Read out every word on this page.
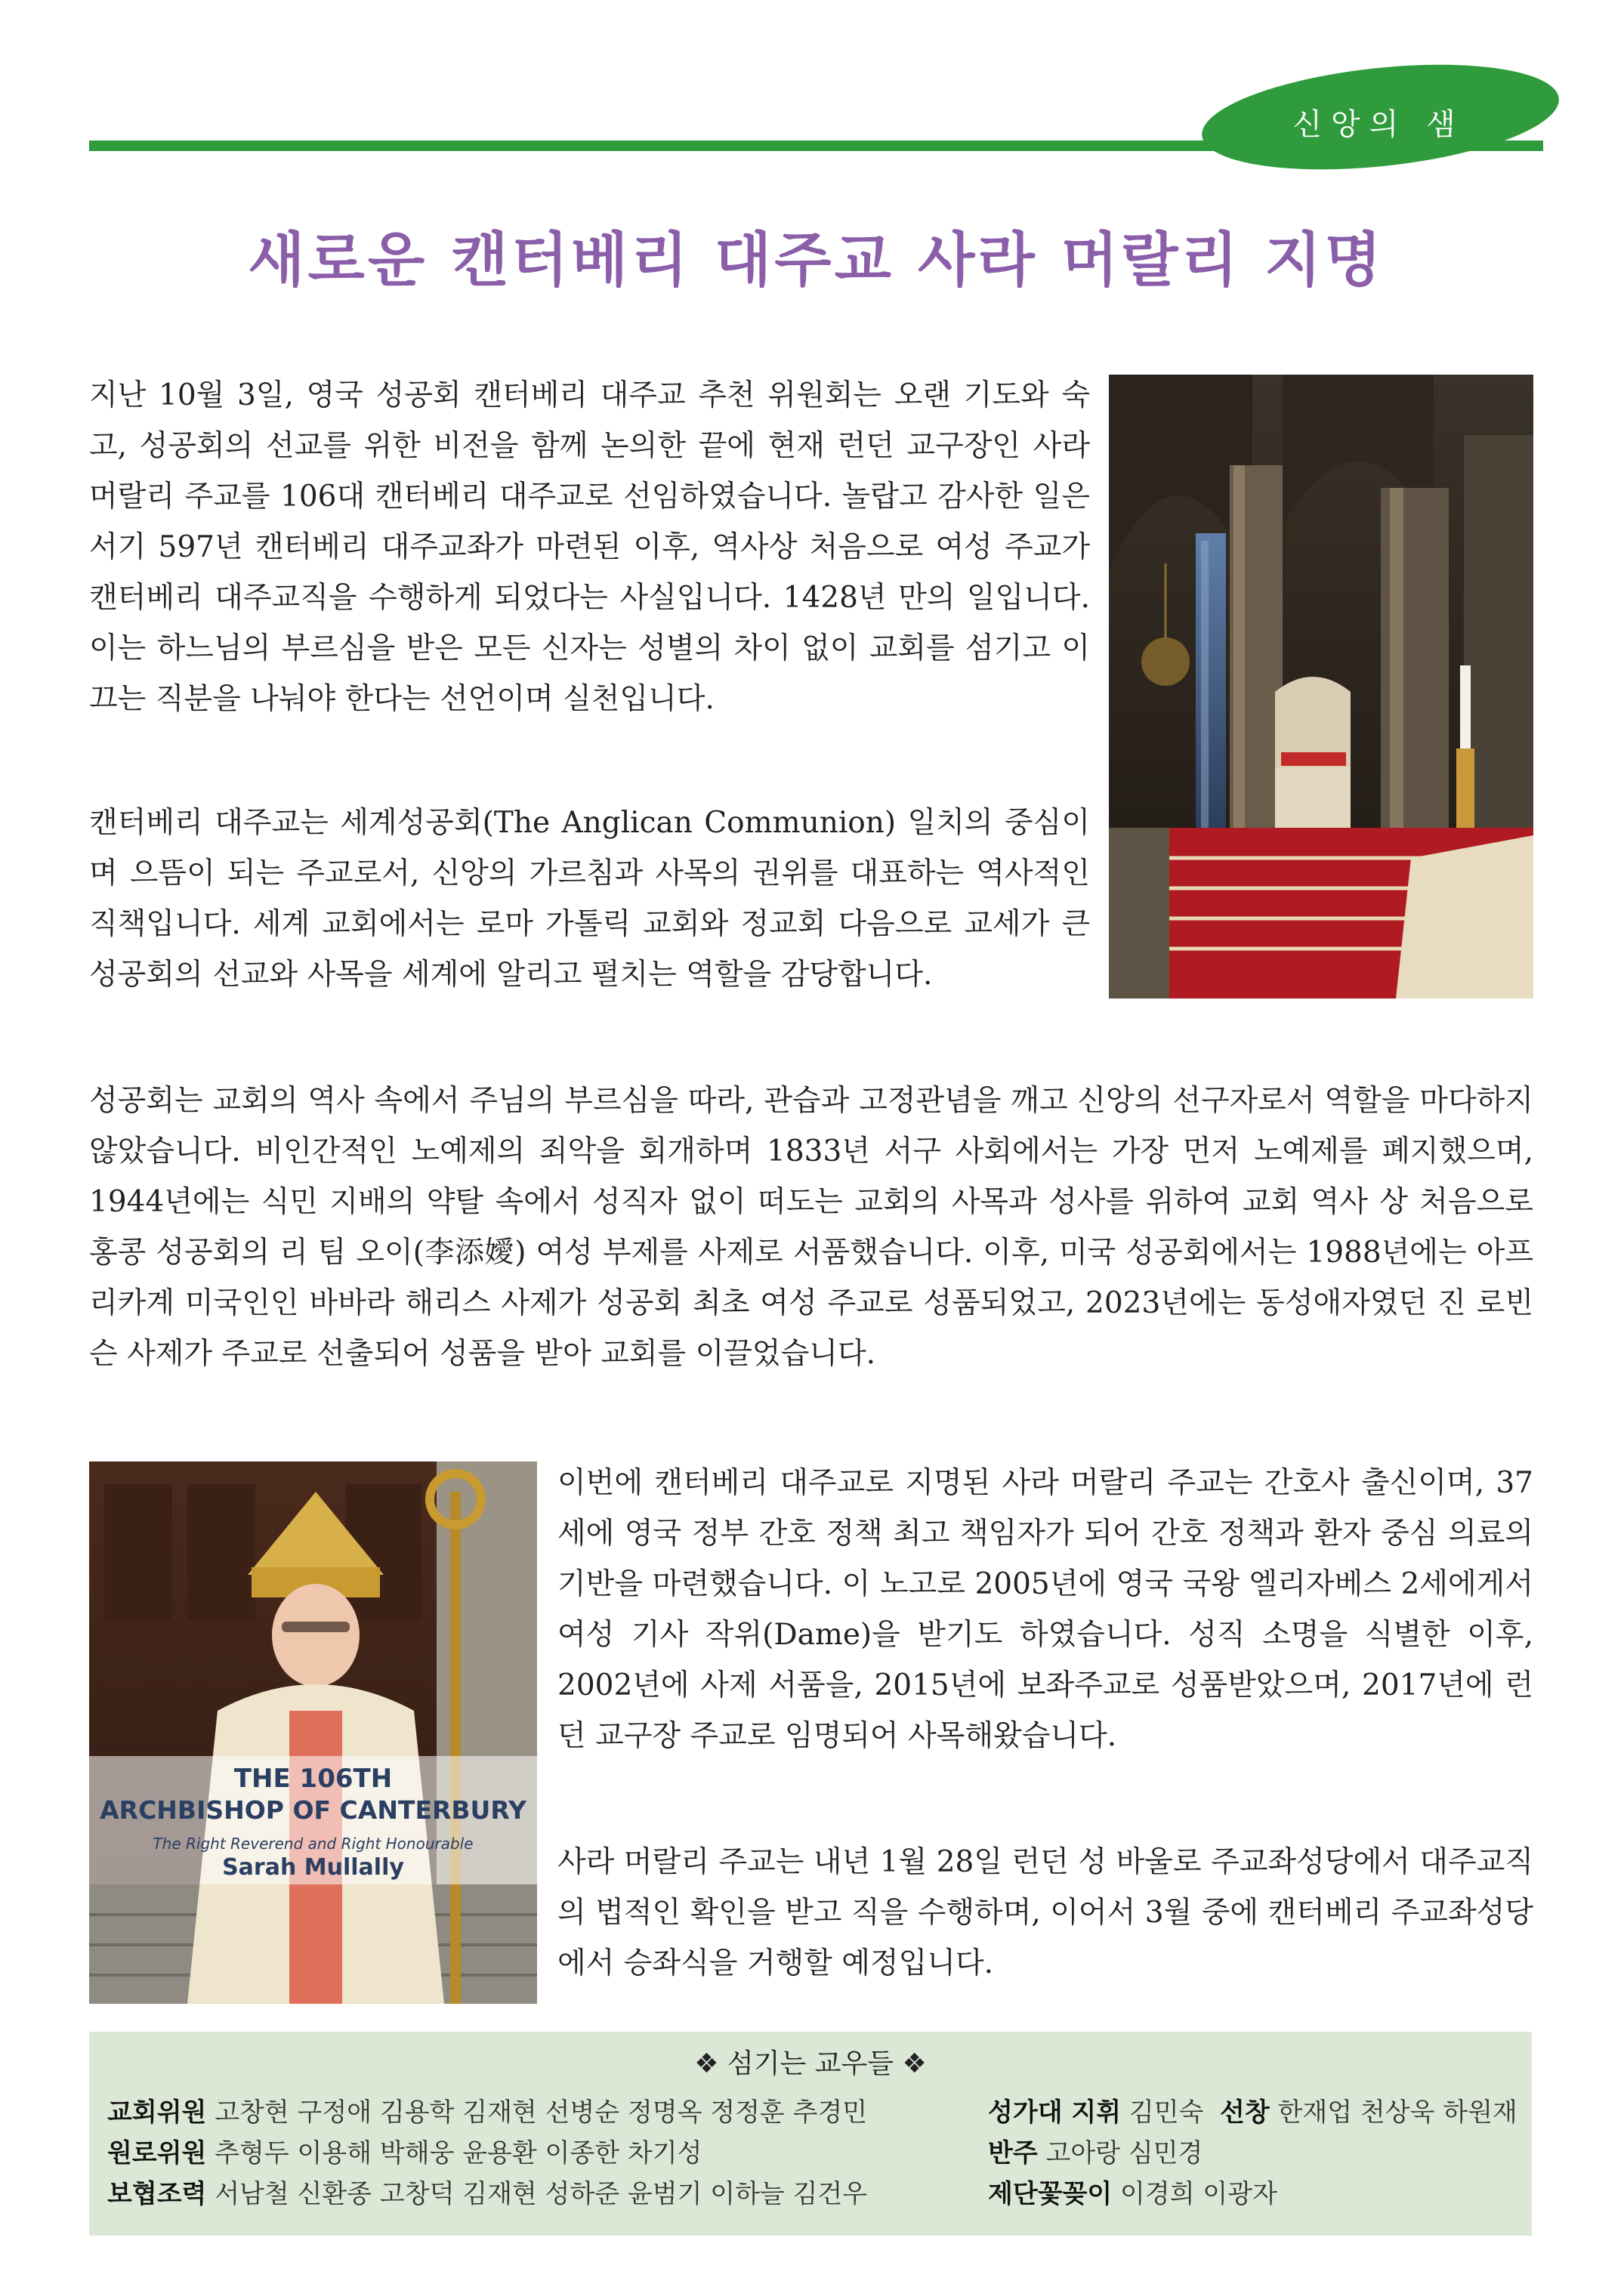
신앙의 샘
새로운 캔터베리 대주교 사라 머랄리 지명

지난 10월 3일, 영국 성공회 캔터베리 대주교 추천 위원회는 오랜 기도와 숙고, 성공회의 선교를 위한 비전을 함께 논의한 끝에 현재 런던 교구장인 사라 머랄리 주교를 106대 캔터베리 대주교로 선임하였습니다. 놀랍고 감사한 일은 서기 597년 캔터베리 대주교좌가 마련된 이후, 역사상 처음으로 여성 주교가 캔터베리 대주교직을 수행하게 되었다는 사실입니다. 1428년 만의 일입니다. 이는 하느님의 부르심을 받은 모든 신자는 성별의 차이 없이 교회를 섬기고 이끄는 직분을 나눠야 한다는 선언이며 실천입니다.

캔터베리 대주교는 세계성공회(The Anglican Communion) 일치의 중심이며 으뜸이 되는 주교로서, 신앙의 가르침과 사목의 권위를 대표하는 역사적인 직책입니다. 세계 교회에서는 로마 가톨릭 교회와 정교회 다음으로 교세가 큰 성공회의 선교와 사목을 세계에 알리고 펼치는 역할을 감당합니다.

성공회는 교회의 역사 속에서 주님의 부르심을 따라, 관습과 고정관념을 깨고 신앙의 선구자로서 역할을 마다하지 않았습니다. 비인간적인 노예제의 죄악을 회개하며 1833년 서구 사회에서는 가장 먼저 노예제를 폐지했으며, 1944년에는 식민 지배의 약탈 속에서 성직자 없이 떠도는 교회의 사목과 성사를 위하여 교회 역사 상 처음으로 홍콩 성공회의 리 팀 오이(李添嬡) 여성 부제를 사제로 서품했습니다. 이후, 미국 성공회에서는 1988년에는 아프리카계 미국인인 바바라 해리스 사제가 성공회 최초 여성 주교로 성품되었고, 2023년에는 동성애자였던 진 로빈슨 사제가 주교로 선출되어 성품을 받아 교회를 이끌었습니다.

THE 106TH
ARCHBISHOP OF CANTERBURY
The Right Reverend and Right Honourable
Sarah Mullally

이번에 캔터베리 대주교로 지명된 사라 머랄리 주교는 간호사 출신이며, 37세에 영국 정부 간호 정책 최고 책임자가 되어 간호 정책과 환자 중심 의료의 기반을 마련했습니다. 이 노고로 2005년에 영국 국왕 엘리자베스 2세에게서 여성 기사 작위(Dame)을 받기도 하였습니다. 성직 소명을 식별한 이후, 2002년에 사제 서품을, 2015년에 보좌주교로 성품받았으며, 2017년에 런던 교구장 주교로 임명되어 사목해왔습니다.

사라 머랄리 주교는 내년 1월 28일 런던 성 바울로 주교좌성당에서 대주교직의 법적인 확인을 받고 직을 수행하며, 이어서 3월 중에 캔터베리 주교좌성당에서 승좌식을 거행할 예정입니다.

❖ 섬기는 교우들 ❖
교회위원 고창현 구정애 김용학 김재현 선병순 정명옥 정정훈 추경민
원로위원 추형두 이용해 박해웅 윤용환 이종한 차기성
보협조력 서남철 신환종 고창덕 김재현 성하준 윤범기 이하늘 김건우
성가대 지휘 김민숙 선창 한재업 천상욱 하원재
반주 고아랑 심민경
제단꽃꽂이 이경희 이광자
